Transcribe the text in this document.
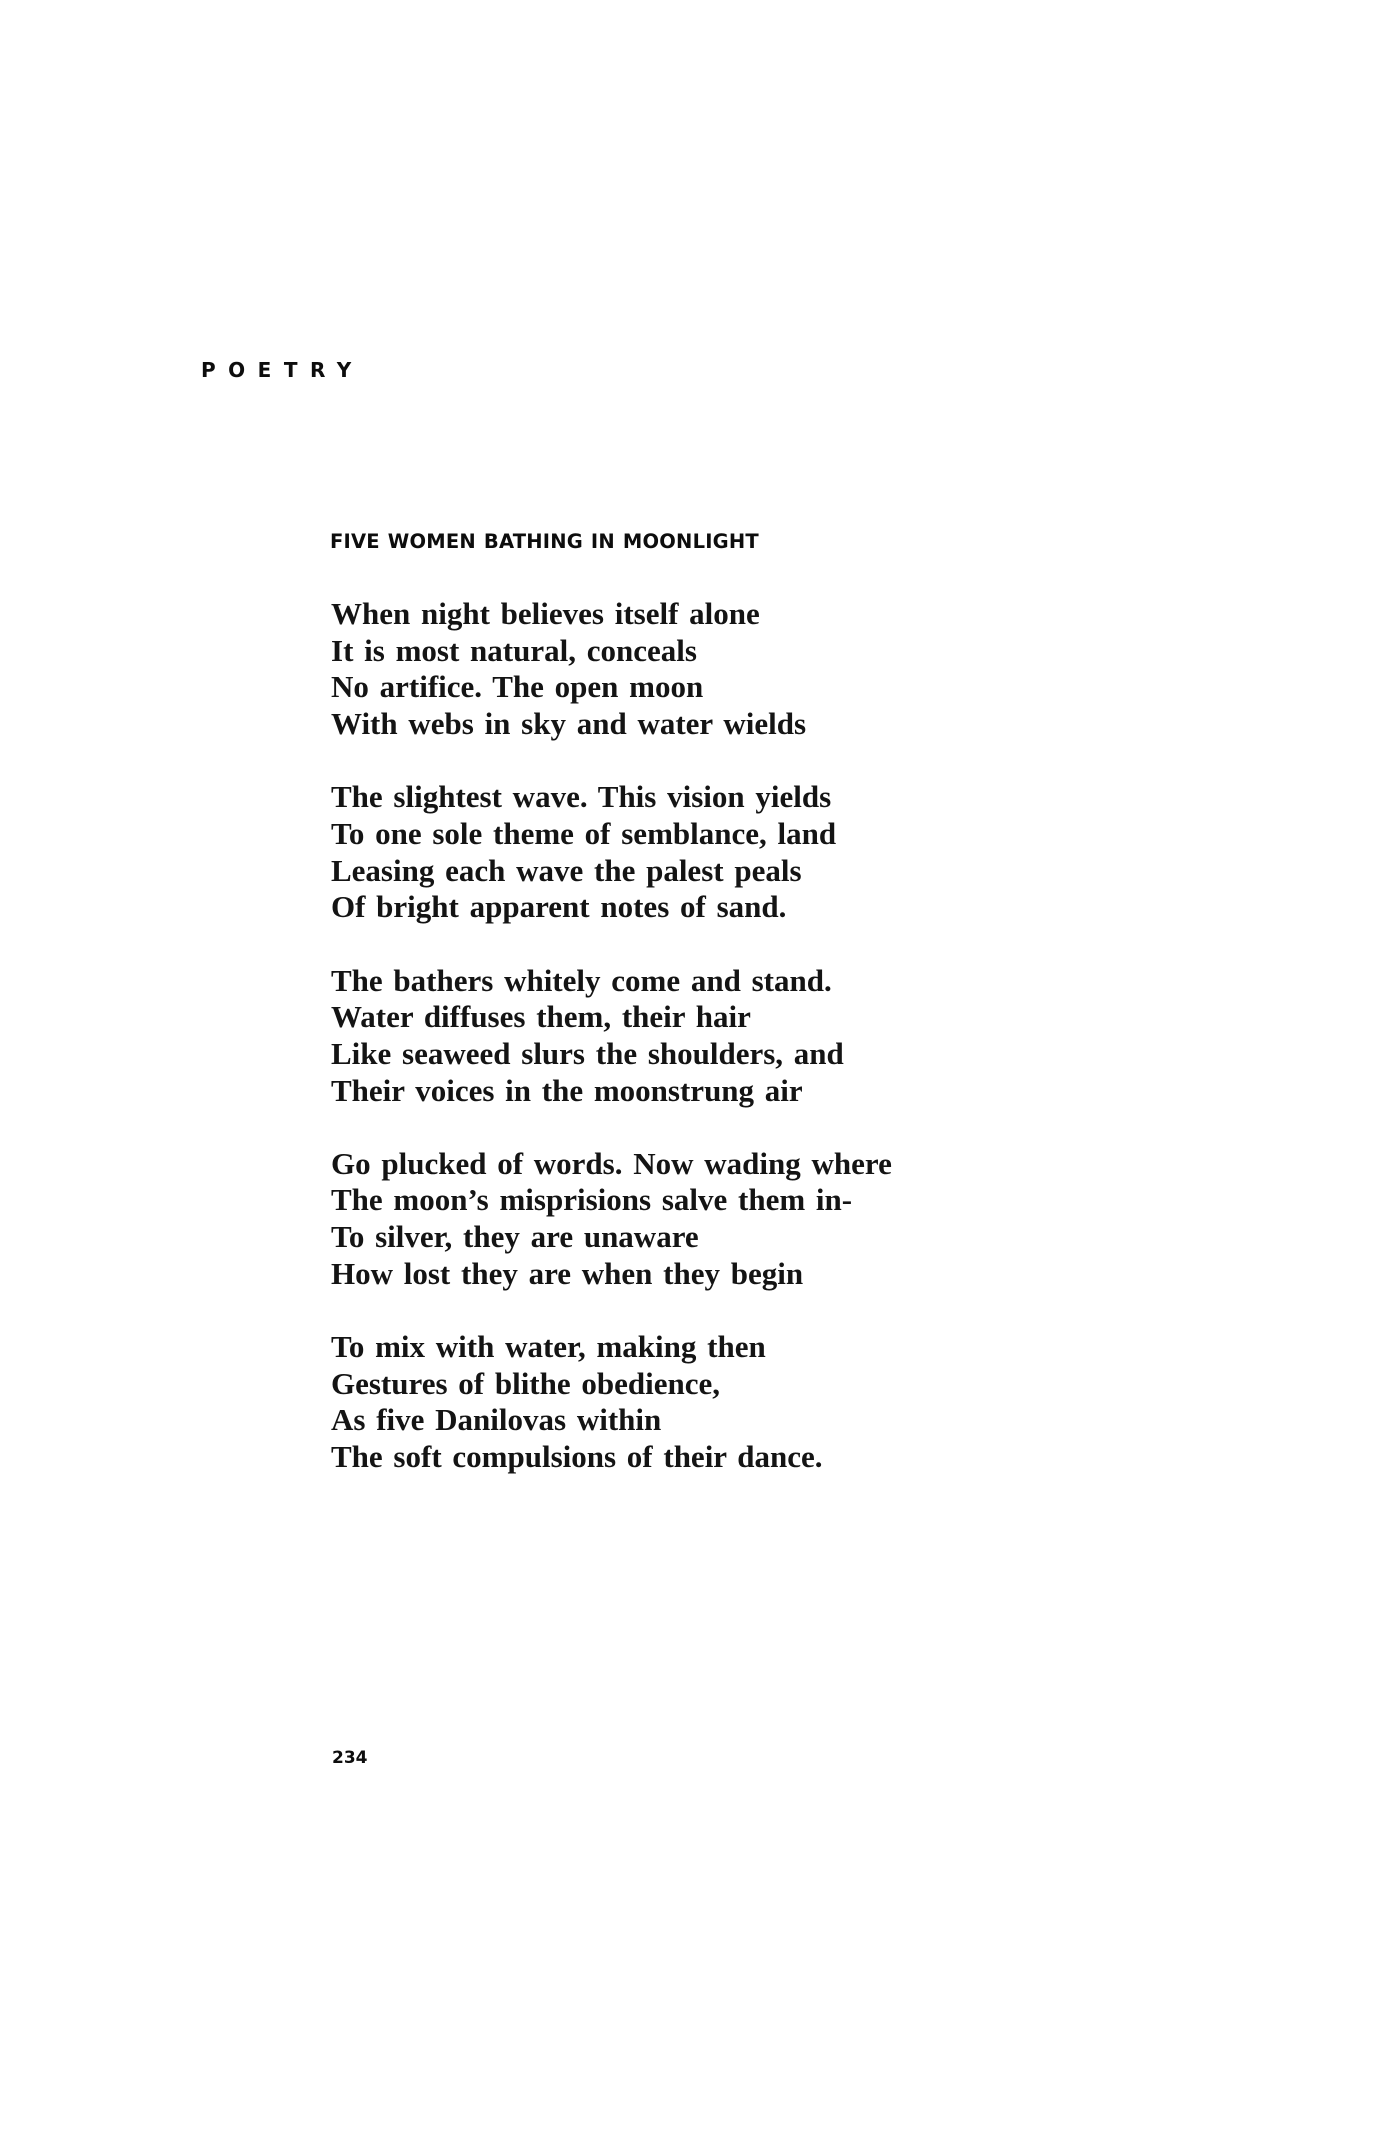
POETRY
FIVE WOMEN BATHING IN MOONLIGHT

When night believes itself alone
It is most natural, conceals
No artifice. The open moon
With webs in sky and water wields

The slightest wave. This vision yields
To one sole theme of semblance, land
Leasing each wave the palest peals
Of bright apparent notes of sand.

The bathers whitely come and stand.
Water diffuses them, their hair
Like seaweed slurs the shoulders, and
Their voices in the moonstrung air

Go plucked of words. Now wading where
The moon’s misprisions salve them in-
To silver, they are unaware
How lost they are when they begin

To mix with water, making then
Gestures of blithe obedience,
As five Danilovas within
The soft compulsions of their dance.

234
